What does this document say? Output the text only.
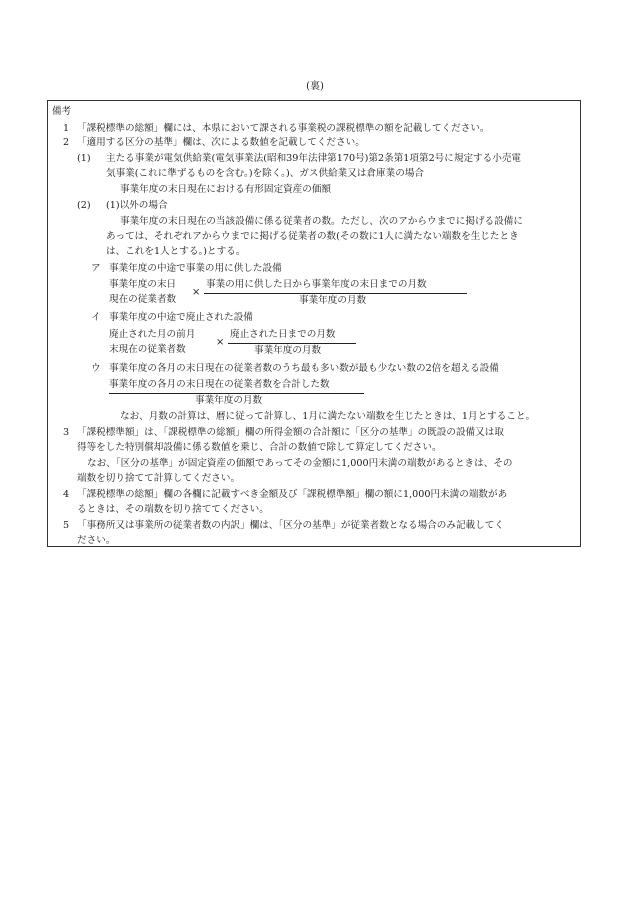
(裏)
備考
1 「課税標準の総額」欄には、本県において課される事業税の課税標準の額を記載してください。
2 「適用する区分の基準」欄は、次による数値を記載してください。
(1) 主たる事業が電気供給業(電気事業法(昭和39年法律第170号)第2条第1項第2号に規定する小売電
気事業(これに準ずるものを含む。)を除く。)、ガス供給業又は倉庫業の場合
事業年度の末日現在における有形固定資産の価額
(2) (1)以外の場合
事業年度の末日現在の当該設備に係る従業者の数。ただし、次のアからウまでに掲げる設備に
あっては、それぞれアからウまでに掲げる従業者の数(その数に1人に満たない端数を生じたとき
は、これを1人とする。)とする。
ア 事業年度の中途で事業の用に供した設備
事業年度の末日
現在の従業者数
×
事業の用に供した日から事業年度の末日までの月数
事業年度の月数
イ 事業年度の中途で廃止された設備
廃止された月の前月
末現在の従業者数
×
廃止された日までの月数
事業年度の月数
ウ 事業年度の各月の末日現在の従業者数のうち最も多い数が最も少ない数の2倍を超える設備
事業年度の各月の末日現在の従業者数を合計した数
事業年度の月数
なお、月数の計算は、暦に従って計算し、1月に満たない端数を生じたときは、1月とすること。
3 「課税標準額」は、「課税標準の総額」欄の所得金額の合計額に「区分の基準」の既設の設備又は取
得等をした特別償却設備に係る数値を乗じ、合計の数値で除して算定してください。
なお、「区分の基準」が固定資産の価額であってその金額に1,000円未満の端数があるときは、その
端数を切り捨てて計算してください。
4 「課税標準の総額」欄の各欄に記載すべき金額及び「課税標準額」欄の額に1,000円未満の端数があ
るときは、その端数を切り捨ててください。
5 「事務所又は事業所の従業者数の内訳」欄は、「区分の基準」が従業者数となる場合のみ記載してく
ださい。
